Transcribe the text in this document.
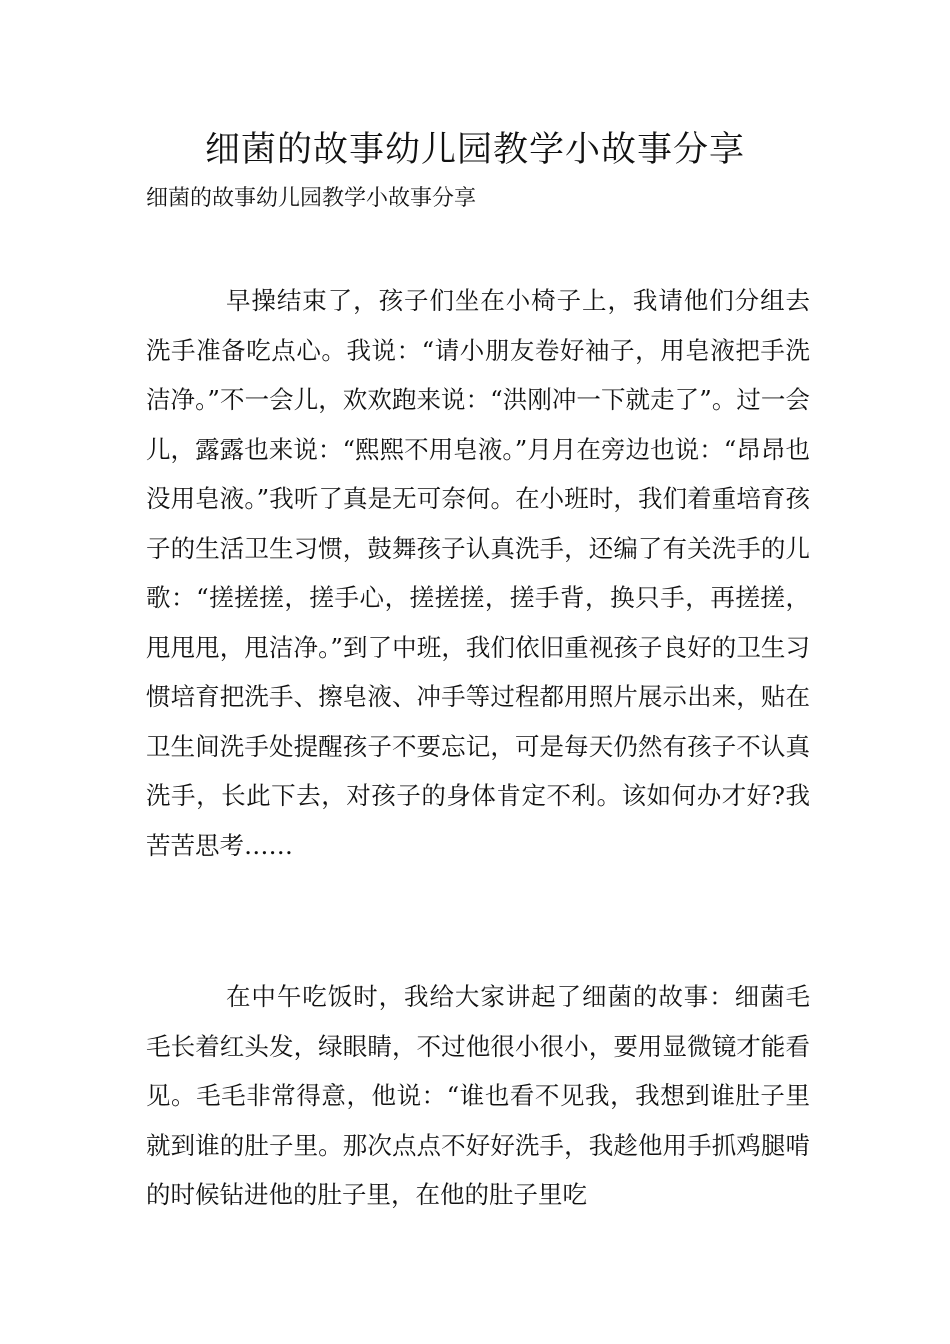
细菌的故事幼儿园教学小故事分享

细菌的故事幼儿园教学小故事分享

早操结束了，孩子们坐在小椅子上，我请他们分组去洗手准备吃点心。我说：“请小朋友卷好袖子，用皂液把手洗洁净。”不一会儿，欢欢跑来说：“洪刚冲一下就走了”。过一会儿，露露也来说：“熙熙不用皂液。”月月在旁边也说：“昂昂也没用皂液。”我听了真是无可奈何。在小班时，我们着重培育孩子的生活卫生习惯，鼓舞孩子认真洗手，还编了有关洗手的儿歌：“搓搓搓，搓手心，搓搓搓，搓手背，换只手，再搓搓，甩甩甩，甩洁净。”到了中班，我们依旧重视孩子良好的卫生习惯培育把洗手、擦皂液、冲手等过程都用照片展示出来，贴在卫生间洗手处提醒孩子不要忘记，可是每天仍然有孩子不认真洗手，长此下去，对孩子的身体肯定不利。该如何办才好?我苦苦思考……

在中午吃饭时，我给大家讲起了细菌的故事：细菌毛毛长着红头发，绿眼睛，不过他很小很小，要用显微镜才能看见。毛毛非常得意，他说：“谁也看不见我，我想到谁肚子里就到谁的肚子里。那次点点不好好洗手，我趁他用手抓鸡腿啃的时候钻进他的肚子里，在他的肚子里吃
